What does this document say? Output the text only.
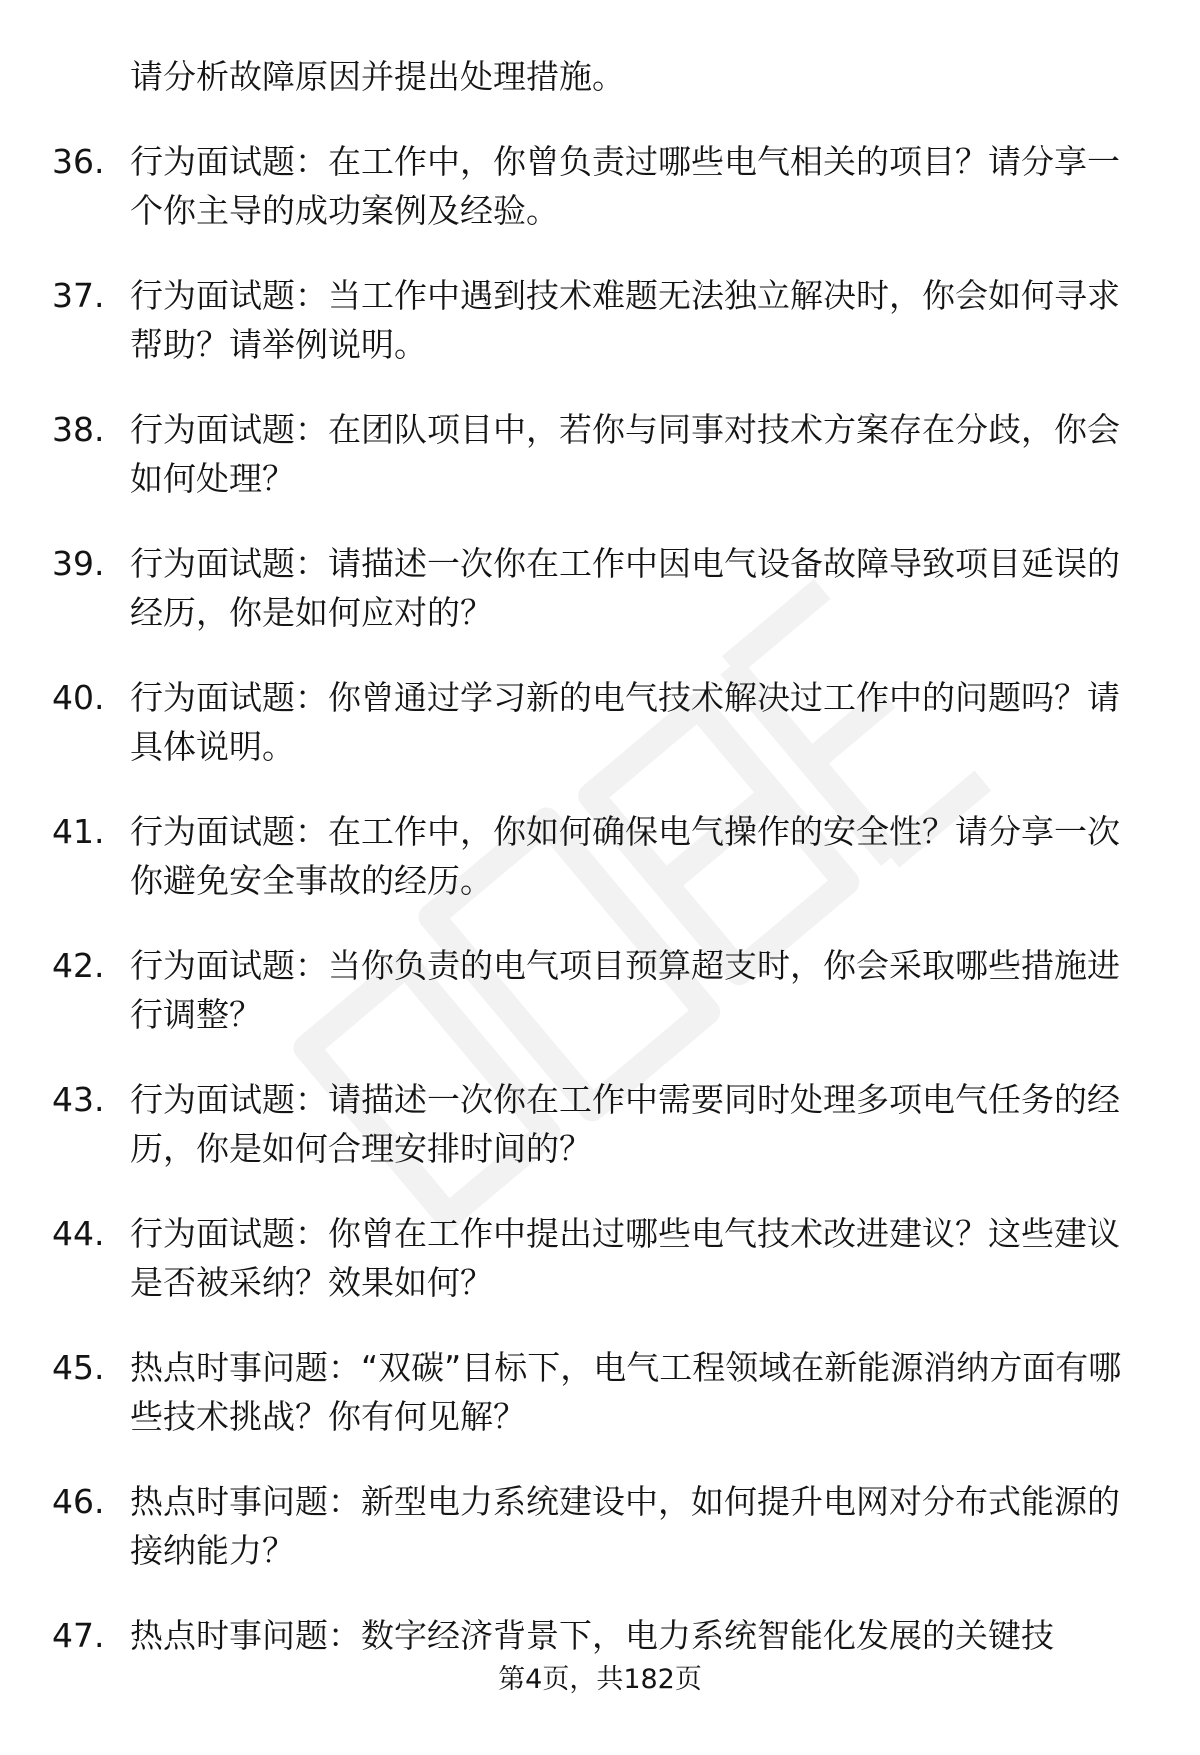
请分析故障原因并提出处理措施。
36. 行为面试题：在工作中，你曾负责过哪些电气相关的项目？请分享一个你主导的成功案例及经验。
37. 行为面试题：当工作中遇到技术难题无法独立解决时，你会如何寻求帮助？请举例说明。
38. 行为面试题：在团队项目中，若你与同事对技术方案存在分歧，你会如何处理？
39. 行为面试题：请描述一次你在工作中因电气设备故障导致项目延误的经历，你是如何应对的？
40. 行为面试题：你曾通过学习新的电气技术解决过工作中的问题吗？请具体说明。
41. 行为面试题：在工作中，你如何确保电气操作的安全性？请分享一次你避免安全事故的经历。
42. 行为面试题：当你负责的电气项目预算超支时，你会采取哪些措施进行调整？
43. 行为面试题：请描述一次你在工作中需要同时处理多项电气任务的经历，你是如何合理安排时间的？
44. 行为面试题：你曾在工作中提出过哪些电气技术改进建议？这些建议是否被采纳？效果如何？
45. 热点时事问题：“双碳”目标下，电气工程领域在新能源消纳方面有哪些技术挑战？你有何见解？
46. 热点时事问题：新型电力系统建设中，如何提升电网对分布式能源的接纳能力？
47. 热点时事问题：数字经济背景下，电力系统智能化发展的关键技
第4页，共182页
